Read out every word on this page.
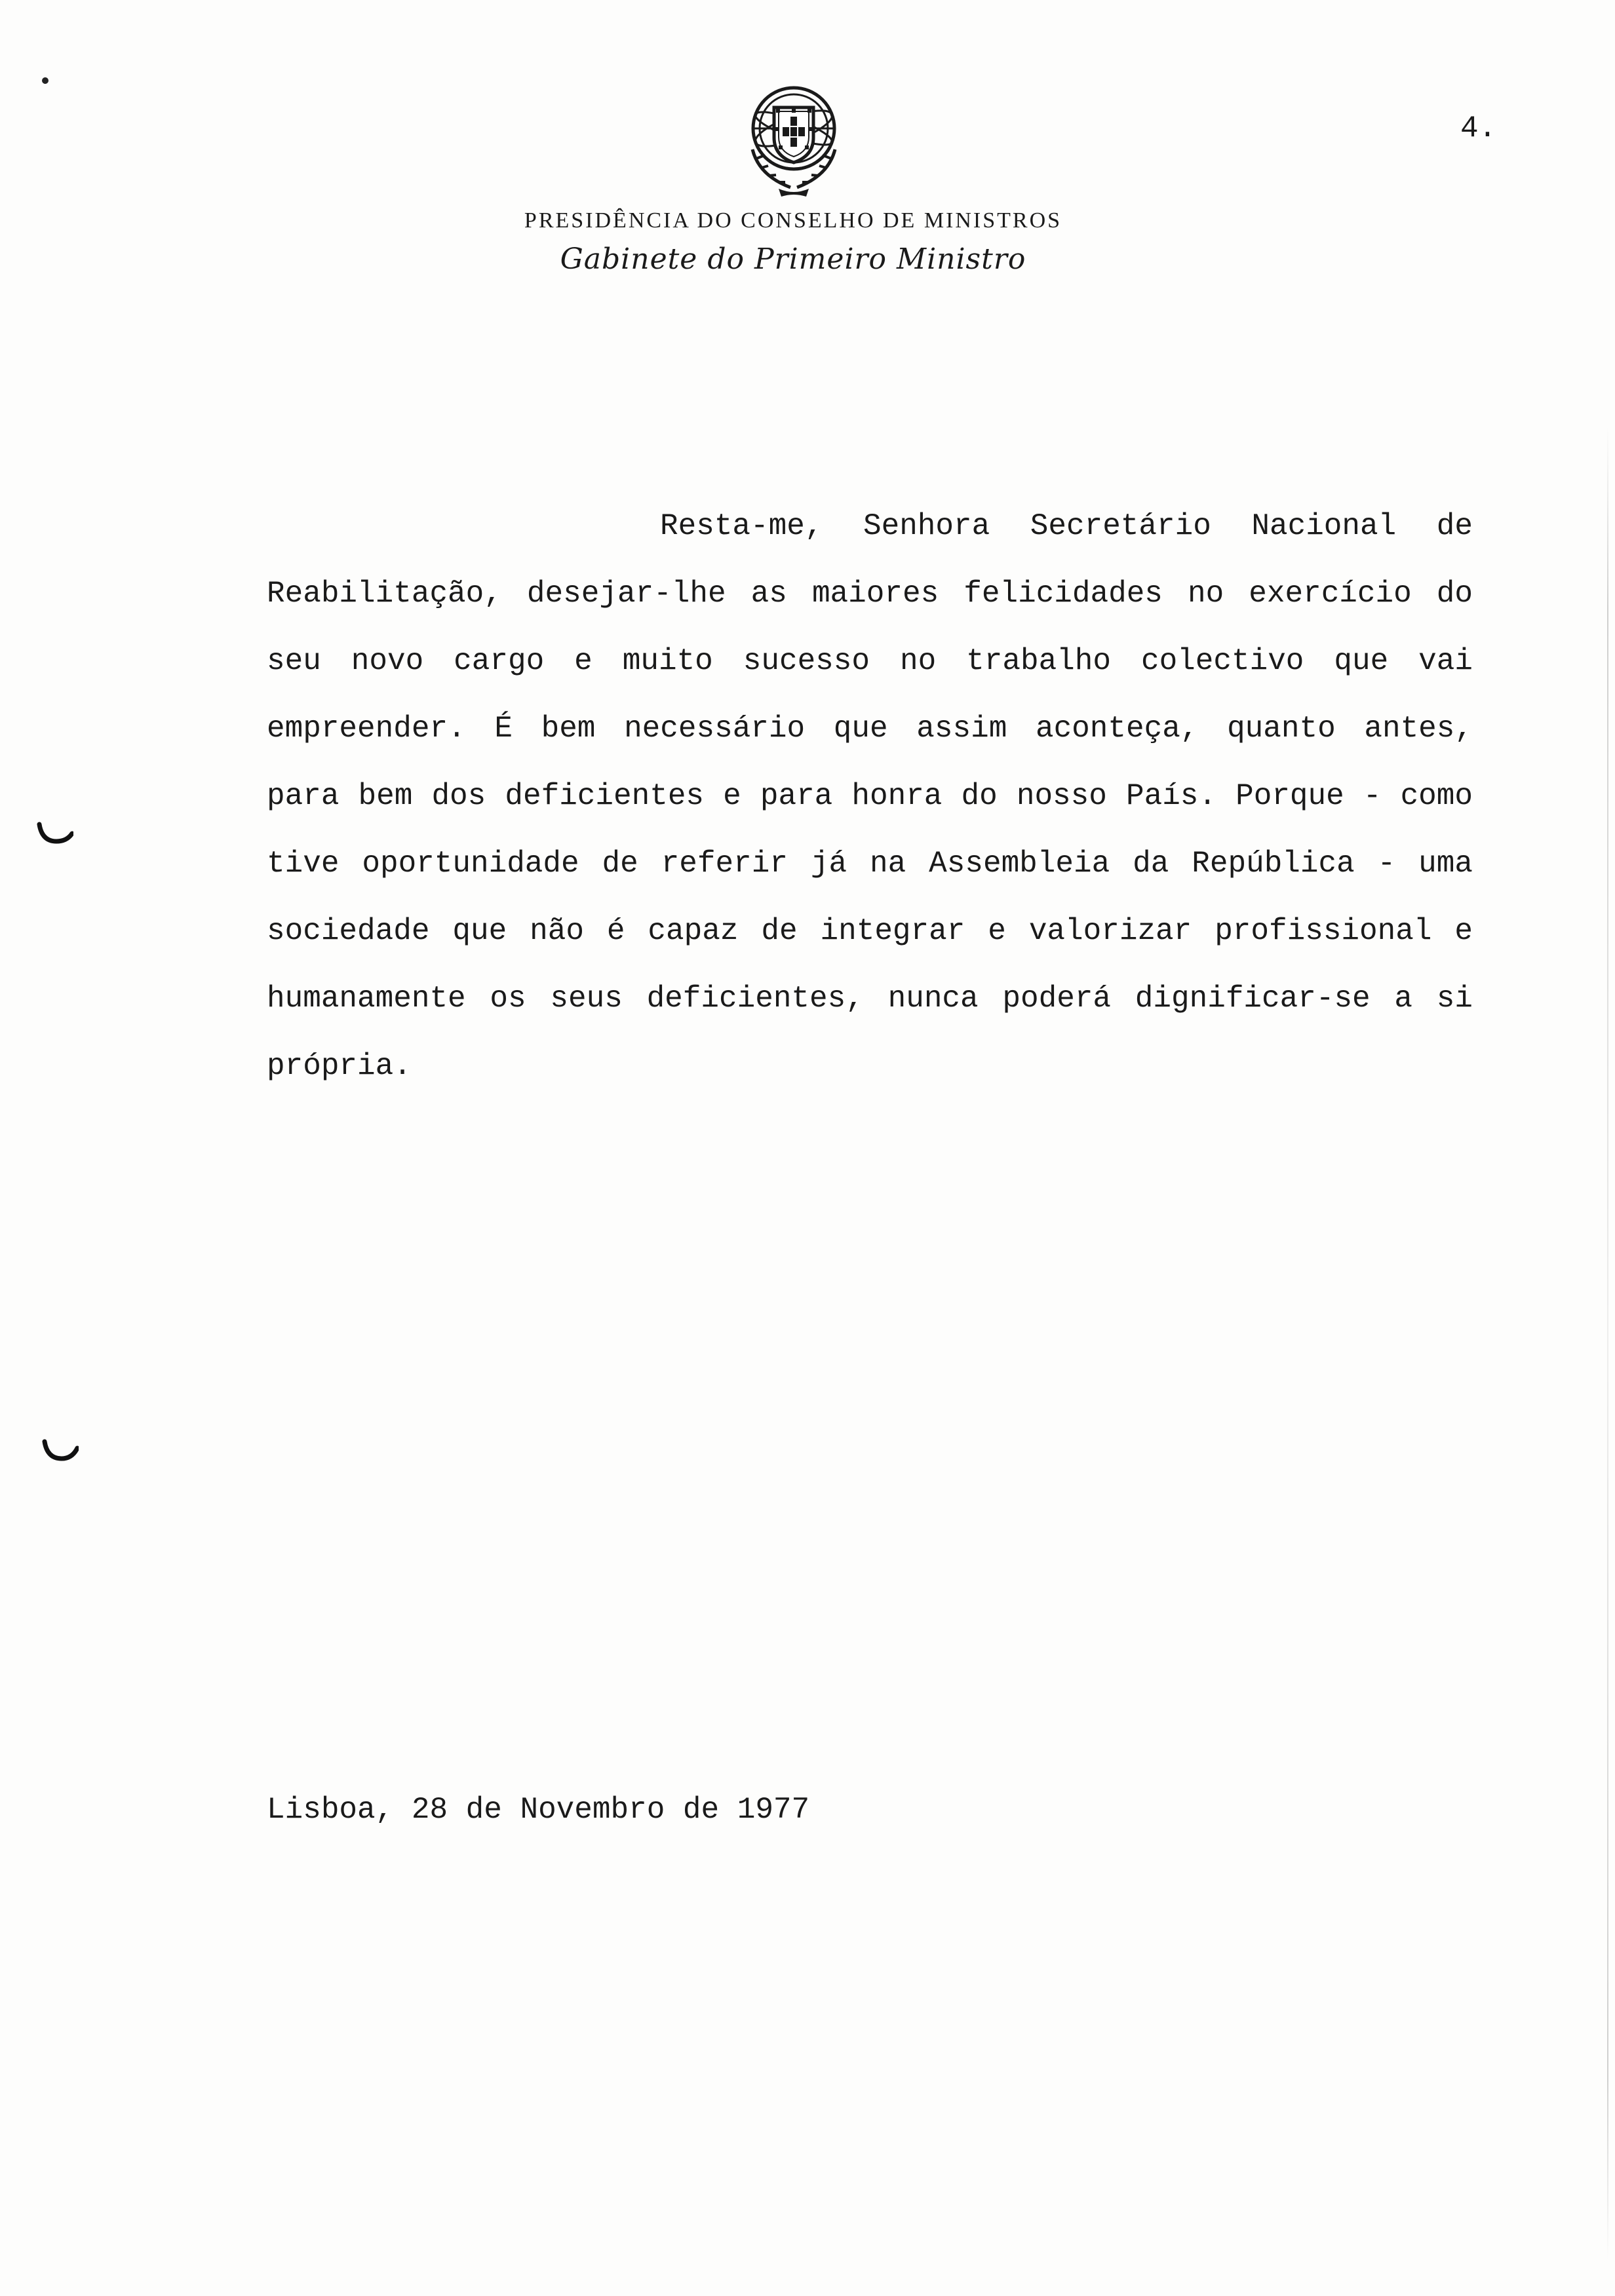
4.
PRESIDÊNCIA DO CONSELHO DE MINISTROS
Gabinete do Primeiro Ministro

Resta-me, Senhora Secretário Nacional de Reabilitação, desejar-lhe as maiores felicidades no exercício do seu novo cargo e muito sucesso no trabalho colectivo que vai empreender. É bem necessário que assim aconteça, quanto antes, para bem dos deficientes e para honra do nosso País. Porque - como tive oportunidade de referir já na Assembleia da República - uma sociedade que não é capaz de integrar e valorizar profissional e humanamente os seus deficientes, nunca poderá dignificar-se a si própria.

Lisboa, 28 de Novembro de 1977
